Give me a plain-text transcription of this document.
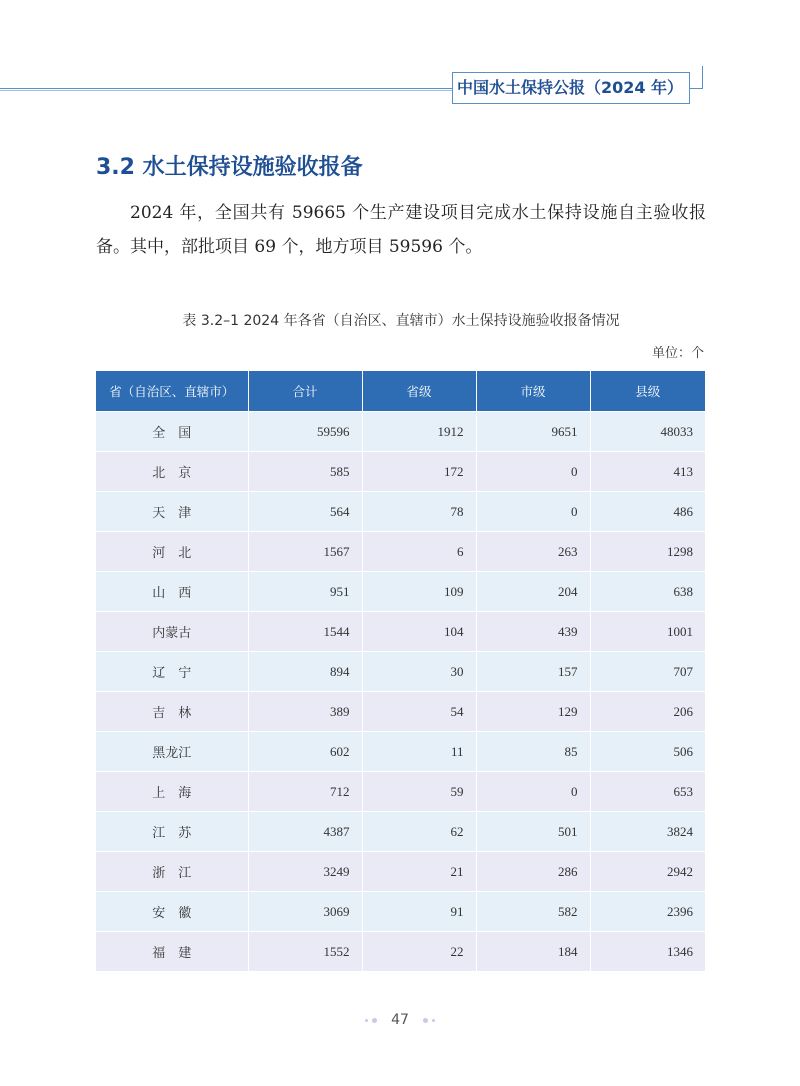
中国水土保持公报（2024 年）
3.2 水土保持设施验收报备
2024 年，全国共有 59665 个生产建设项目完成水土保持设施自主验收报备。其中，部批项目 69 个，地方项目 59596 个。
表 3.2–1 2024 年各省（自治区、直辖市）水土保持设施验收报备情况
单位：个
省（自治区、直辖市）	合计	省级	市级	县级
全　国	59596	1912	9651	48033
北　京	585	172	0	413
天　津	564	78	0	486
河　北	1567	6	263	1298
山　西	951	109	204	638
内蒙古	1544	104	439	1001
辽　宁	894	30	157	707
吉　林	389	54	129	206
黑龙江	602	11	85	506
上　海	712	59	0	653
江　苏	4387	62	501	3824
浙　江	3249	21	286	2942
安　徽	3069	91	582	2396
福　建	1552	22	184	1346
47
